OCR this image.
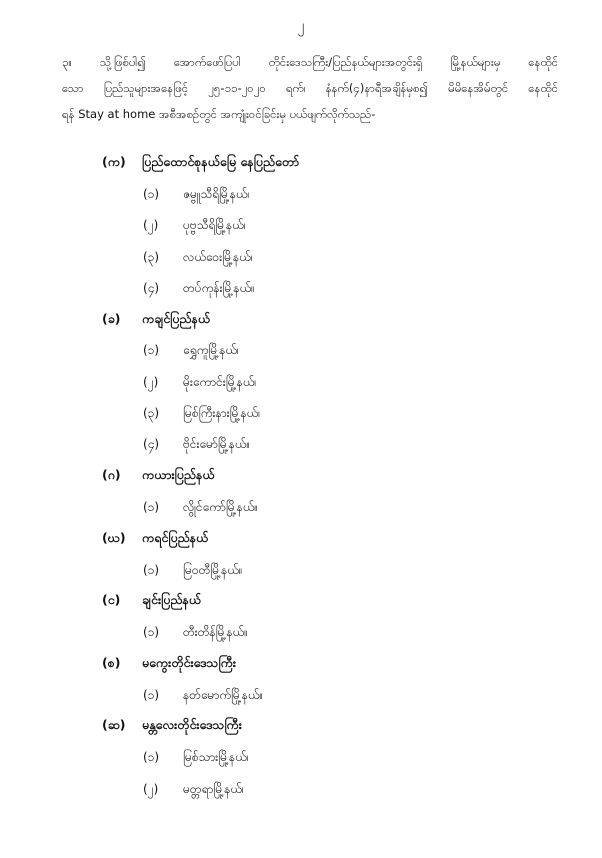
၂
၃။ သို့ဖြစ်ပါ၍ အောက်ဖော်ပြပါ တိုင်းဒေသကြီး/ပြည်နယ်များအတွင်းရှိ မြို့နယ်များမှ နေထိုင်
သော ပြည်သူများအနေဖြင့် ၂၅-၁၁-၂၀၂၀ ရက်၊ နံနက်(၄)နာရီအချိန်မှစ၍ မိမိနေအိမ်တွင် နေထိုင်
ရန် Stay at home အစီအစဉ်တွင် အကျုံးဝင်ခြင်းမှ ပယ်ဖျက်လိုက်သည်-
(က)	ပြည်ထောင်စုနယ်မြေ နေပြည်တော်
(၁)	ဇမ္ဗူသီရိမြို့နယ်၊
(၂)	ပုဗ္ဗသီရိမြို့နယ်၊
(၃)	လယ်ဝေးမြို့နယ်၊
(၄)	တပ်ကုန်းမြို့နယ်။
(ခ)	ကချင်ပြည်နယ်
(၁)	ရွှေကူမြို့နယ်၊
(၂)	မိုးကောင်းမြို့နယ်၊
(၃)	မြစ်ကြီးနားမြို့နယ်၊
(၄)	ဗိုင်းမော်မြို့နယ်။
(ဂ)	ကယားပြည်နယ်
(၁)	လွိုင်ကော်မြို့နယ်။
(ဃ)	ကရင်ပြည်နယ်
(၁)	မြဝတီမြို့နယ်။
(င)	ချင်းပြည်နယ်
(၁)	တီးတိန်မြို့နယ်။
(စ)	မကွေးတိုင်းဒေသကြီး
(၁)	နတ်မောက်မြို့နယ်။
(ဆ)	မန္တလေးတိုင်းဒေသကြီး
(၁)	မြစ်သားမြို့နယ်၊
(၂)	မတ္တရာမြို့နယ်၊
